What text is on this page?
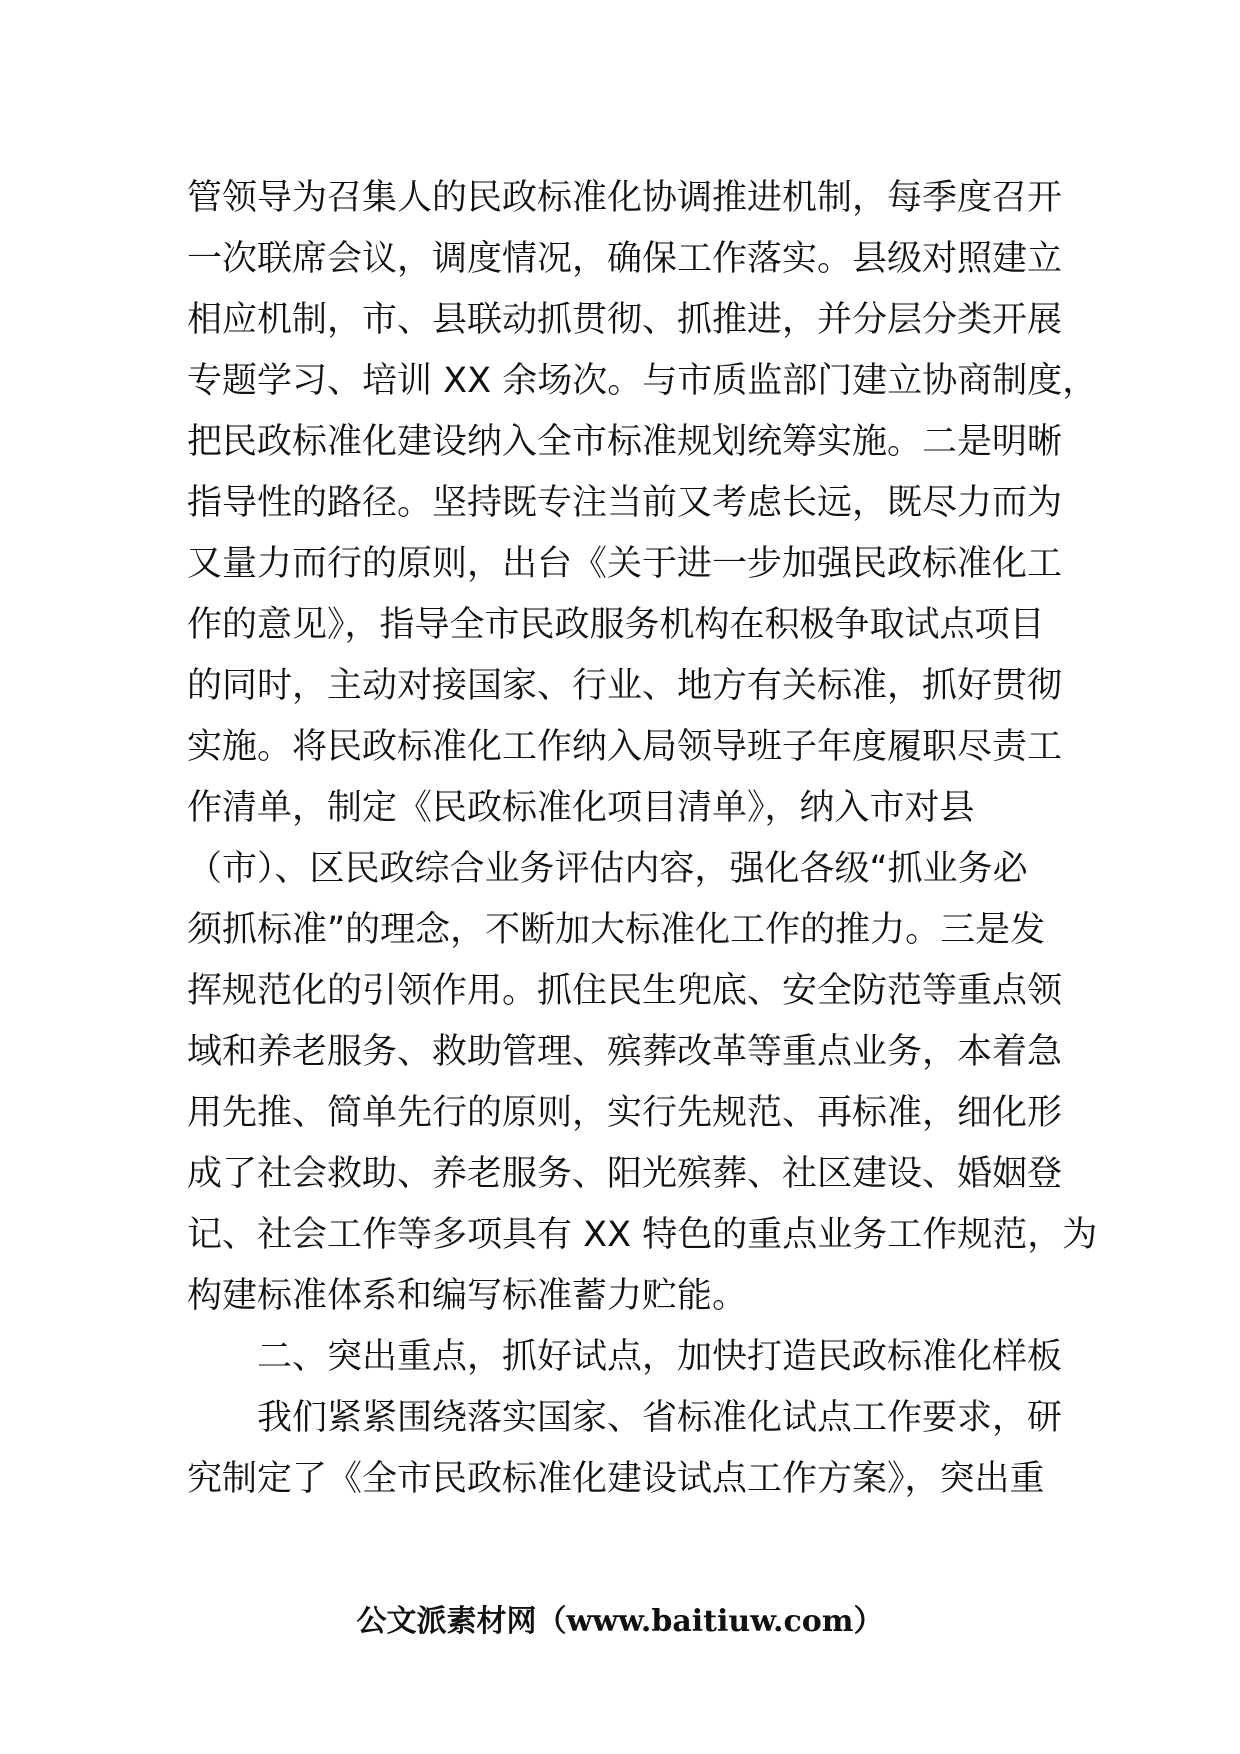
管领导为召集人的民政标准化协调推进机制，每季度召开
一次联席会议，调度情况，确保工作落实。县级对照建立
相应机制，市、县联动抓贯彻、抓推进，并分层分类开展
专题学习、培训 XX 余场次。与市质监部门建立协商制度，
把民政标准化建设纳入全市标准规划统筹实施。二是明晰
指导性的路径。坚持既专注当前又考虑长远，既尽力而为
又量力而行的原则，出台《关于进一步加强民政标准化工
作的意见》，指导全市民政服务机构在积极争取试点项目
的同时，主动对接国家、行业、地方有关标准，抓好贯彻
实施。将民政标准化工作纳入局领导班子年度履职尽责工
作清单，制定《民政标准化项目清单》，纳入市对县
（市）、区民政综合业务评估内容，强化各级“抓业务必
须抓标准”的理念，不断加大标准化工作的推力。三是发
挥规范化的引领作用。抓住民生兜底、安全防范等重点领
域和养老服务、救助管理、殡葬改革等重点业务，本着急
用先推、简单先行的原则，实行先规范、再标准，细化形
成了社会救助、养老服务、阳光殡葬、社区建设、婚姻登
记、社会工作等多项具有 XX 特色的重点业务工作规范，为
构建标准体系和编写标准蓄力贮能。
二、突出重点，抓好试点，加快打造民政标准化样板
我们紧紧围绕落实国家、省标准化试点工作要求，研
究制定了《全市民政标准化建设试点工作方案》，突出重
公文派素材网（www.baitiuw.com）
